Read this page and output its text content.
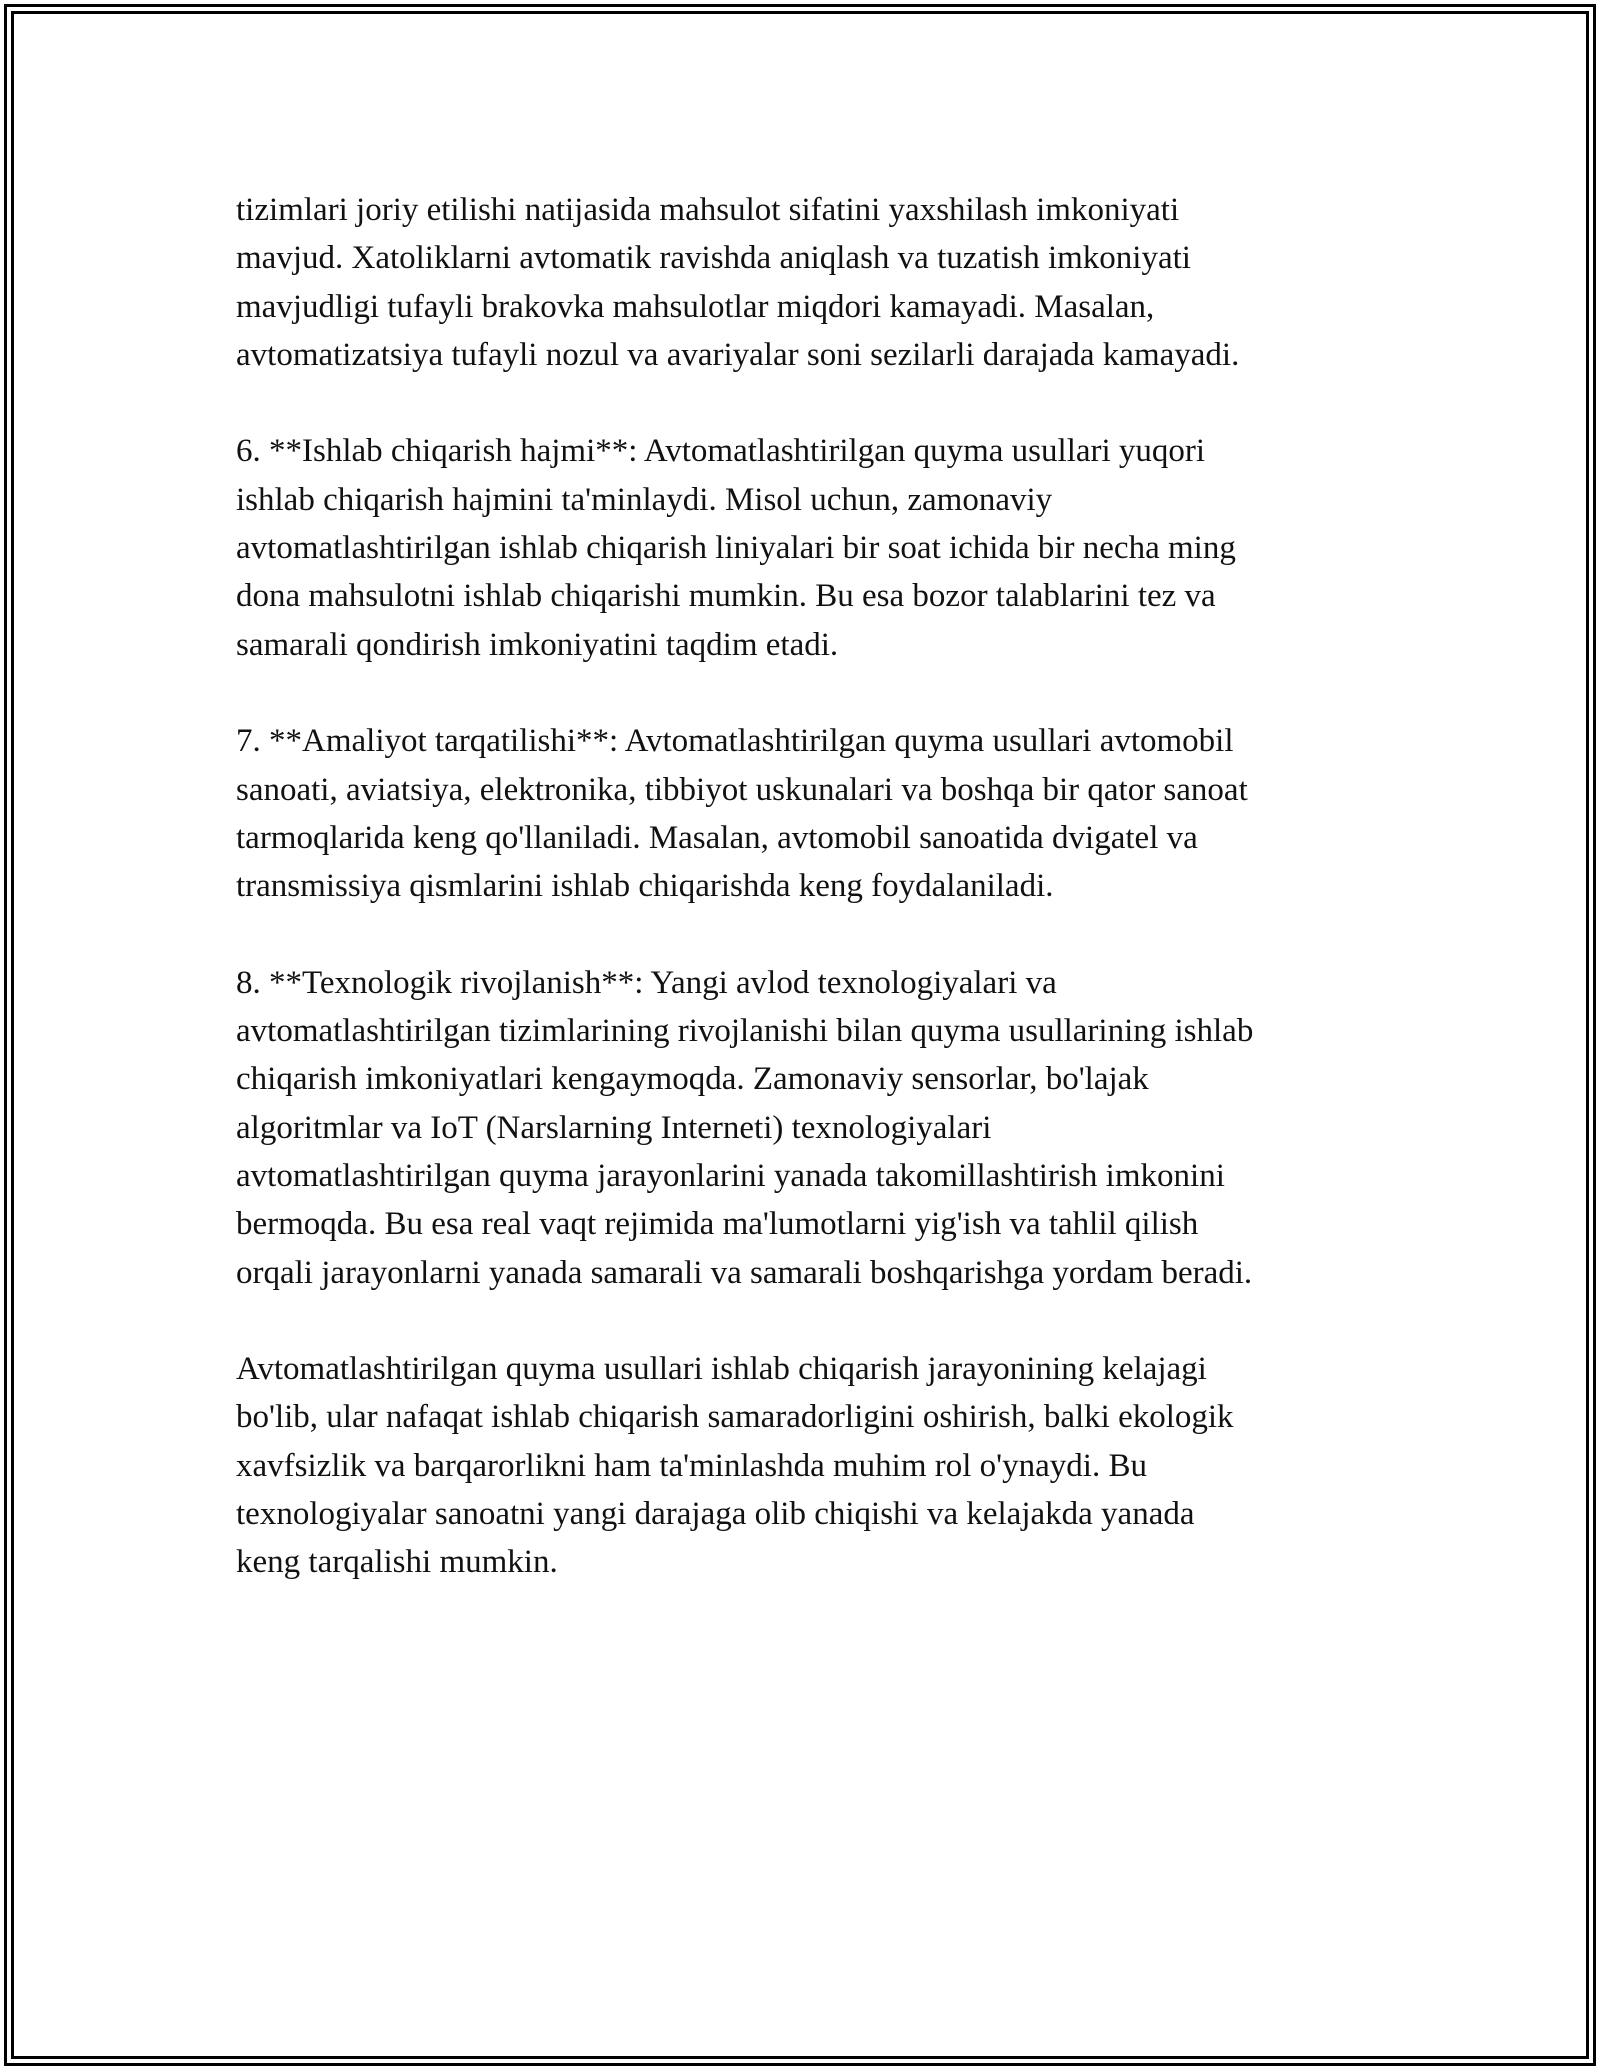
tizimlari joriy etilishi natijasida mahsulot sifatini yaxshilash imkoniyati
mavjud. Xatoliklarni avtomatik ravishda aniqlash va tuzatish imkoniyati
mavjudligi tufayli brakovka mahsulotlar miqdori kamayadi. Masalan,
avtomatizatsiya tufayli nozul va avariyalar soni sezilarli darajada kamayadi.

6. **Ishlab chiqarish hajmi**: Avtomatlashtirilgan quyma usullari yuqori
ishlab chiqarish hajmini ta'minlaydi. Misol uchun, zamonaviy
avtomatlashtirilgan ishlab chiqarish liniyalari bir soat ichida bir necha ming
dona mahsulotni ishlab chiqarishi mumkin. Bu esa bozor talablarini tez va
samarali qondirish imkoniyatini taqdim etadi.

7. **Amaliyot tarqatilishi**: Avtomatlashtirilgan quyma usullari avtomobil
sanoati, aviatsiya, elektronika, tibbiyot uskunalari va boshqa bir qator sanoat
tarmoqlarida keng qo'llaniladi. Masalan, avtomobil sanoatida dvigatel va
transmissiya qismlarini ishlab chiqarishda keng foydalaniladi.

8. **Texnologik rivojlanish**: Yangi avlod texnologiyalari va
avtomatlashtirilgan tizimlarining rivojlanishi bilan quyma usullarining ishlab
chiqarish imkoniyatlari kengaymoqda. Zamonaviy sensorlar, bo'lajak
algoritmlar va IoT (Narslarning Interneti) texnologiyalari
avtomatlashtirilgan quyma jarayonlarini yanada takomillashtirish imkonini
bermoqda. Bu esa real vaqt rejimida ma'lumotlarni yig'ish va tahlil qilish
orqali jarayonlarni yanada samarali va samarali boshqarishga yordam beradi.

Avtomatlashtirilgan quyma usullari ishlab chiqarish jarayonining kelajagi
bo'lib, ular nafaqat ishlab chiqarish samaradorligini oshirish, balki ekologik
xavfsizlik va barqarorlikni ham ta'minlashda muhim rol o'ynaydi. Bu
texnologiyalar sanoatni yangi darajaga olib chiqishi va kelajakda yanada
keng tarqalishi mumkin.
